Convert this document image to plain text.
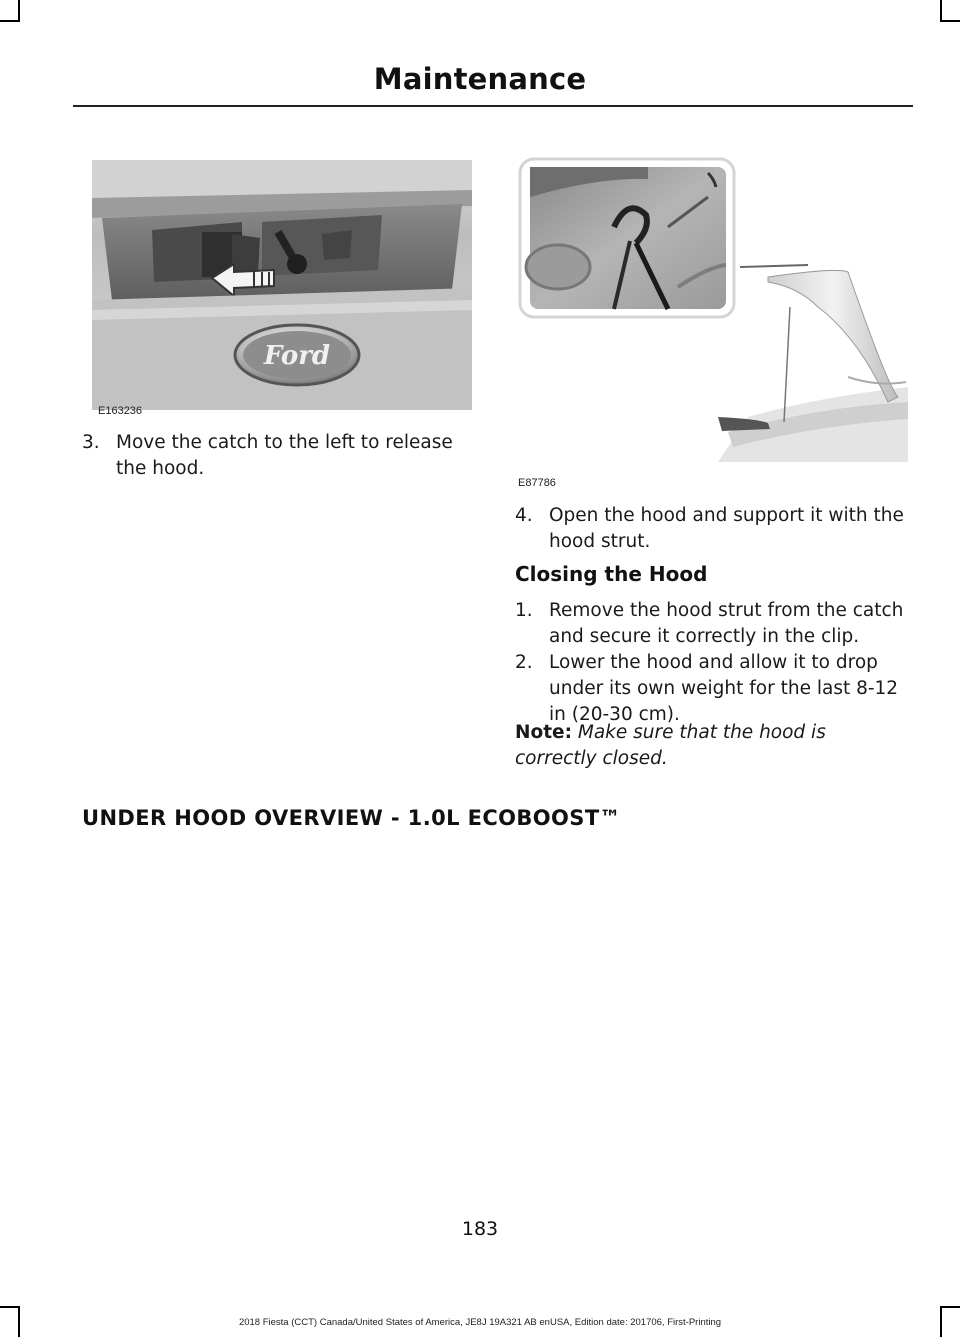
Maintenance
Ford
E163236
E87786
3. Move the catch to the left to release the hood.
4. Open the hood and support it with the hood strut.
Closing the Hood
1. Remove the hood strut from the catch and secure it correctly in the clip.
2. Lower the hood and allow it to drop under its own weight for the last 8-12 in (20-30 cm).
Note: Make sure that the hood is correctly closed.
UNDER HOOD OVERVIEW - 1.0L ECOBOOST™
183
2018 Fiesta (CCT) Canada/United States of America, JE8J 19A321 AB enUSA, Edition date: 201706, First-Printing
